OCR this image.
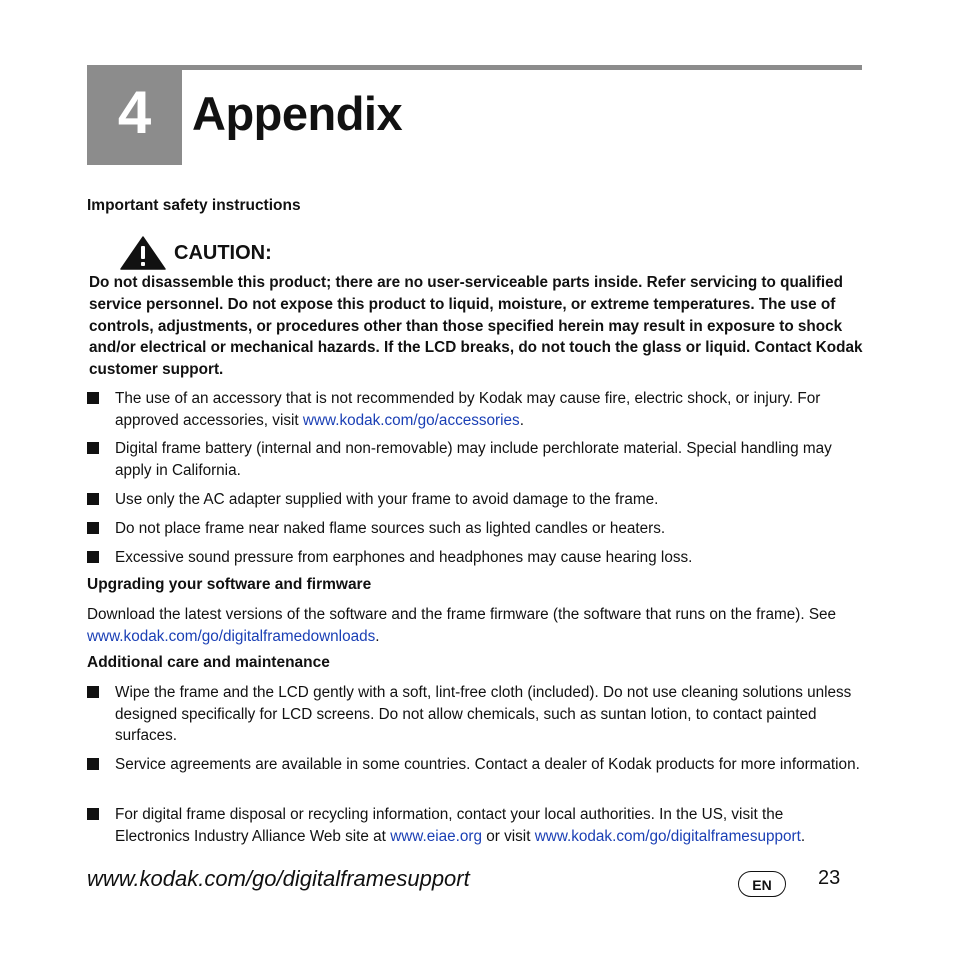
4 Appendix
Important safety instructions
CAUTION:
Do not disassemble this product; there are no user-serviceable parts inside. Refer servicing to qualified service personnel. Do not expose this product to liquid, moisture, or extreme temperatures. The use of controls, adjustments, or procedures other than those specified herein may result in exposure to shock and/or electrical or mechanical hazards. If the LCD breaks, do not touch the glass or liquid. Contact Kodak customer support.
The use of an accessory that is not recommended by Kodak may cause fire, electric shock, or injury. For approved accessories, visit www.kodak.com/go/accessories.
Digital frame battery (internal and non-removable) may include perchlorate material. Special handling may apply in California.
Use only the AC adapter supplied with your frame to avoid damage to the frame.
Do not place frame near naked flame sources such as lighted candles or heaters.
Excessive sound pressure from earphones and headphones may cause hearing loss.
Upgrading your software and firmware
Download the latest versions of the software and the frame firmware (the software that runs on the frame). See www.kodak.com/go/digitalframedownloads.
Additional care and maintenance
Wipe the frame and the LCD gently with a soft, lint-free cloth (included). Do not use cleaning solutions unless designed specifically for LCD screens. Do not allow chemicals, such as suntan lotion, to contact painted surfaces.
Service agreements are available in some countries. Contact a dealer of Kodak products for more information.
For digital frame disposal or recycling information, contact your local authorities. In the US, visit the Electronics Industry Alliance Web site at www.eiae.org or visit www.kodak.com/go/digitalframesupport.
www.kodak.com/go/digitalframesupport	EN	23
